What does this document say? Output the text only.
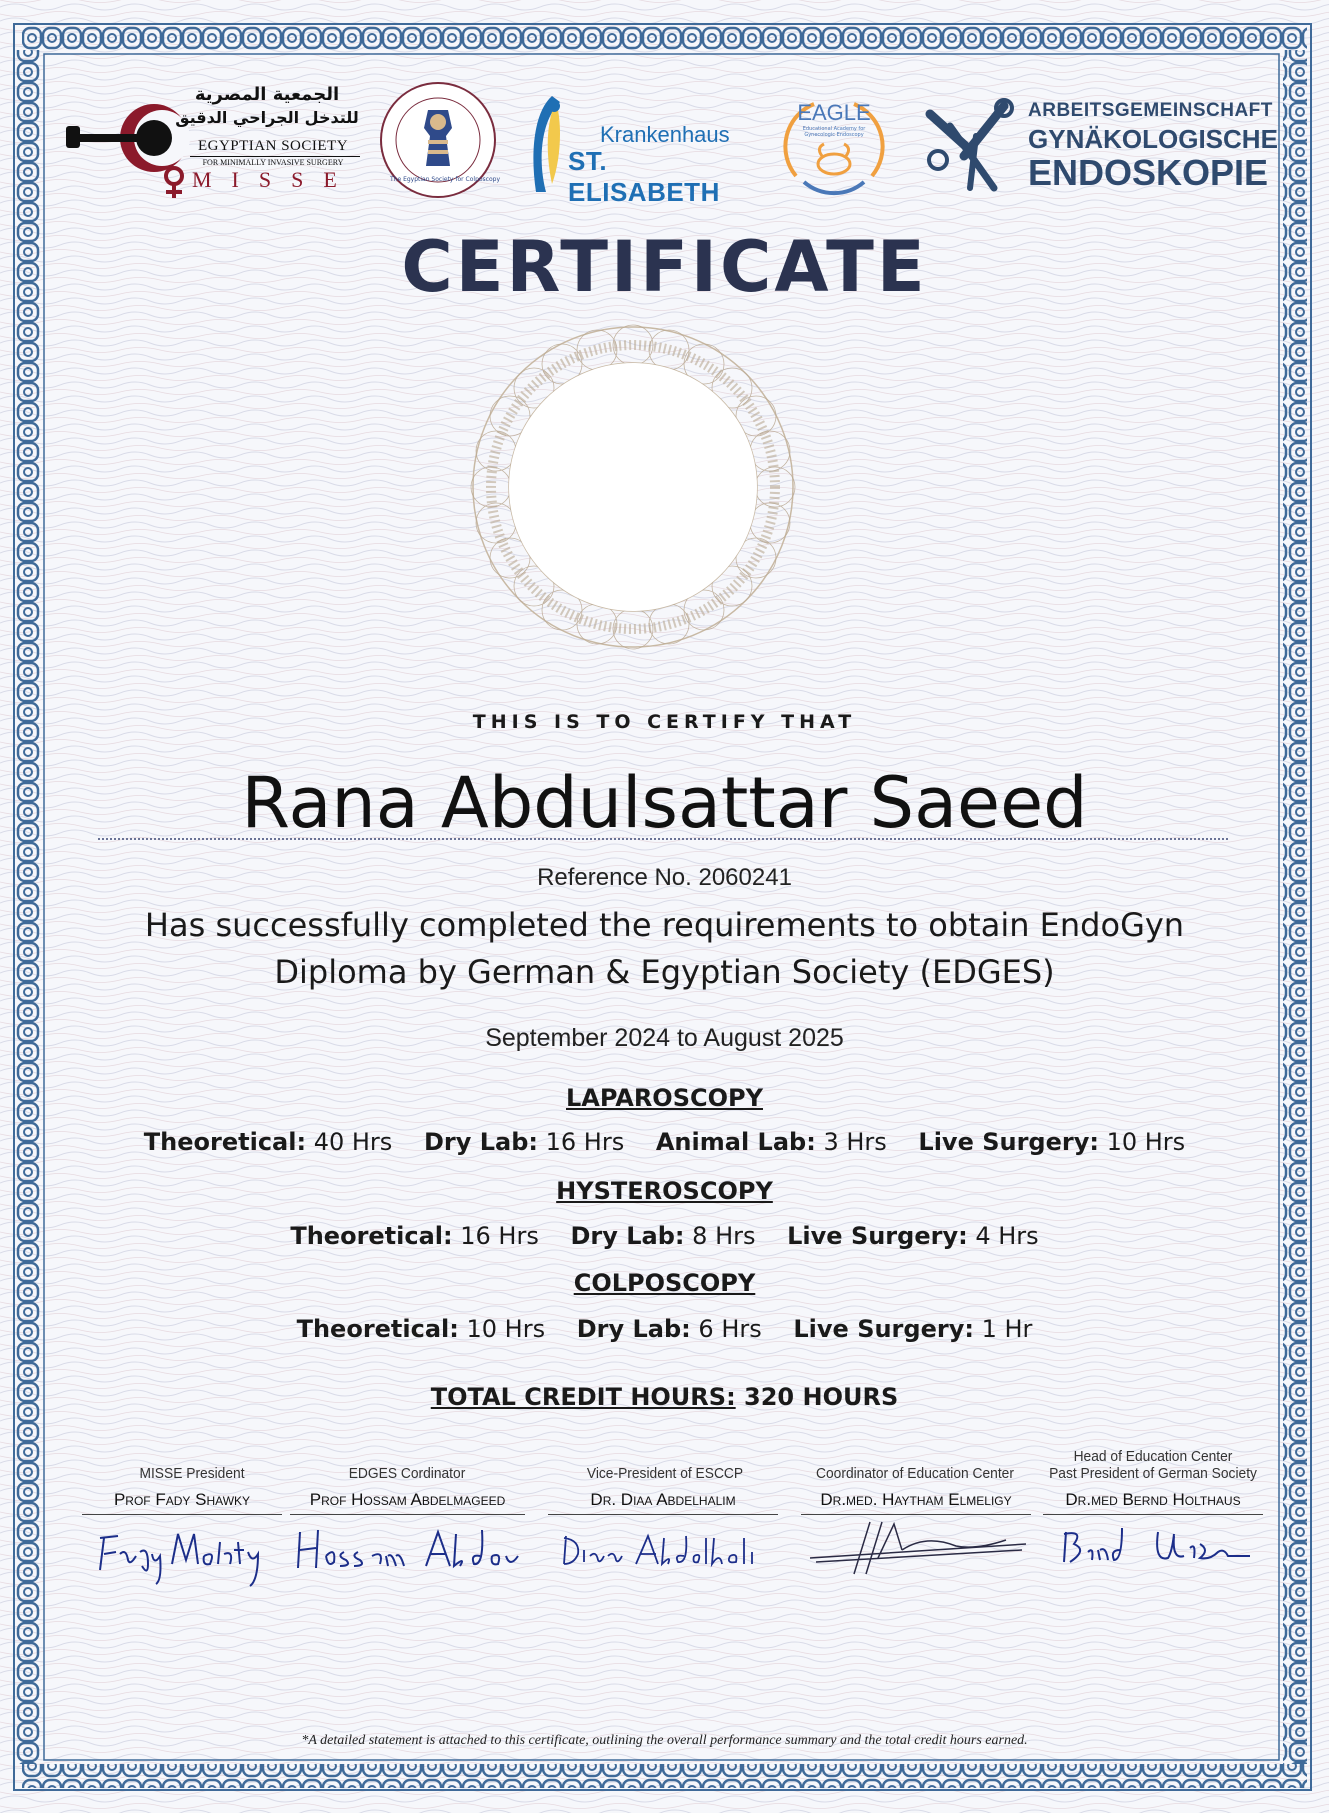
الجمعية المصرية
للتدخل الجراحي الدقيق
EGYPTIAN SOCIETY
FOR MINIMALLY INVASIVE SURGERY
MISSE	The Egyptian Society for Colposcopy
Krankenhaus
ST. ELISABETH
EAGLE
Educational Academy for Gynecologic Endoscopy
ARBEITSGEMEINSCHAFT
GYNÄKOLOGISCHE
ENDOSKOPIE
CERTIFICATE
THIS IS TO CERTIFY THAT
Rana Abdulsattar Saeed
Reference No. 2060241
Has successfully completed the requirements to obtain EndoGyn
Diploma by German & Egyptian Society (EDGES)
September 2024 to August 2025
LAPAROSCOPY
Theoretical: 40 Hrs Dry Lab: 16 Hrs Animal Lab: 3 Hrs Live Surgery: 10 Hrs
HYSTEROSCOPY
Theoretical: 16 Hrs Dry Lab: 8 Hrs Live Surgery: 4 Hrs
COLPOSCOPY
Theoretical: 10 Hrs Dry Lab: 6 Hrs Live Surgery: 1 Hr
TOTAL CREDIT HOURS: 320 HOURS
MISSE President
Prof Fady Shawky
EDGES Cordinator
Prof Hossam Abdelmageed
Vice-President of ESCCP
Dr. Diaa Abdelhalim
Coordinator of Education Center
Dr.med. Haytham Elmeligy
Head of Education Center
Past President of German Society
Dr.med Bernd Holthaus
*A detailed statement is attached to this certificate, outlining the overall performance summary and the total credit hours earned.
